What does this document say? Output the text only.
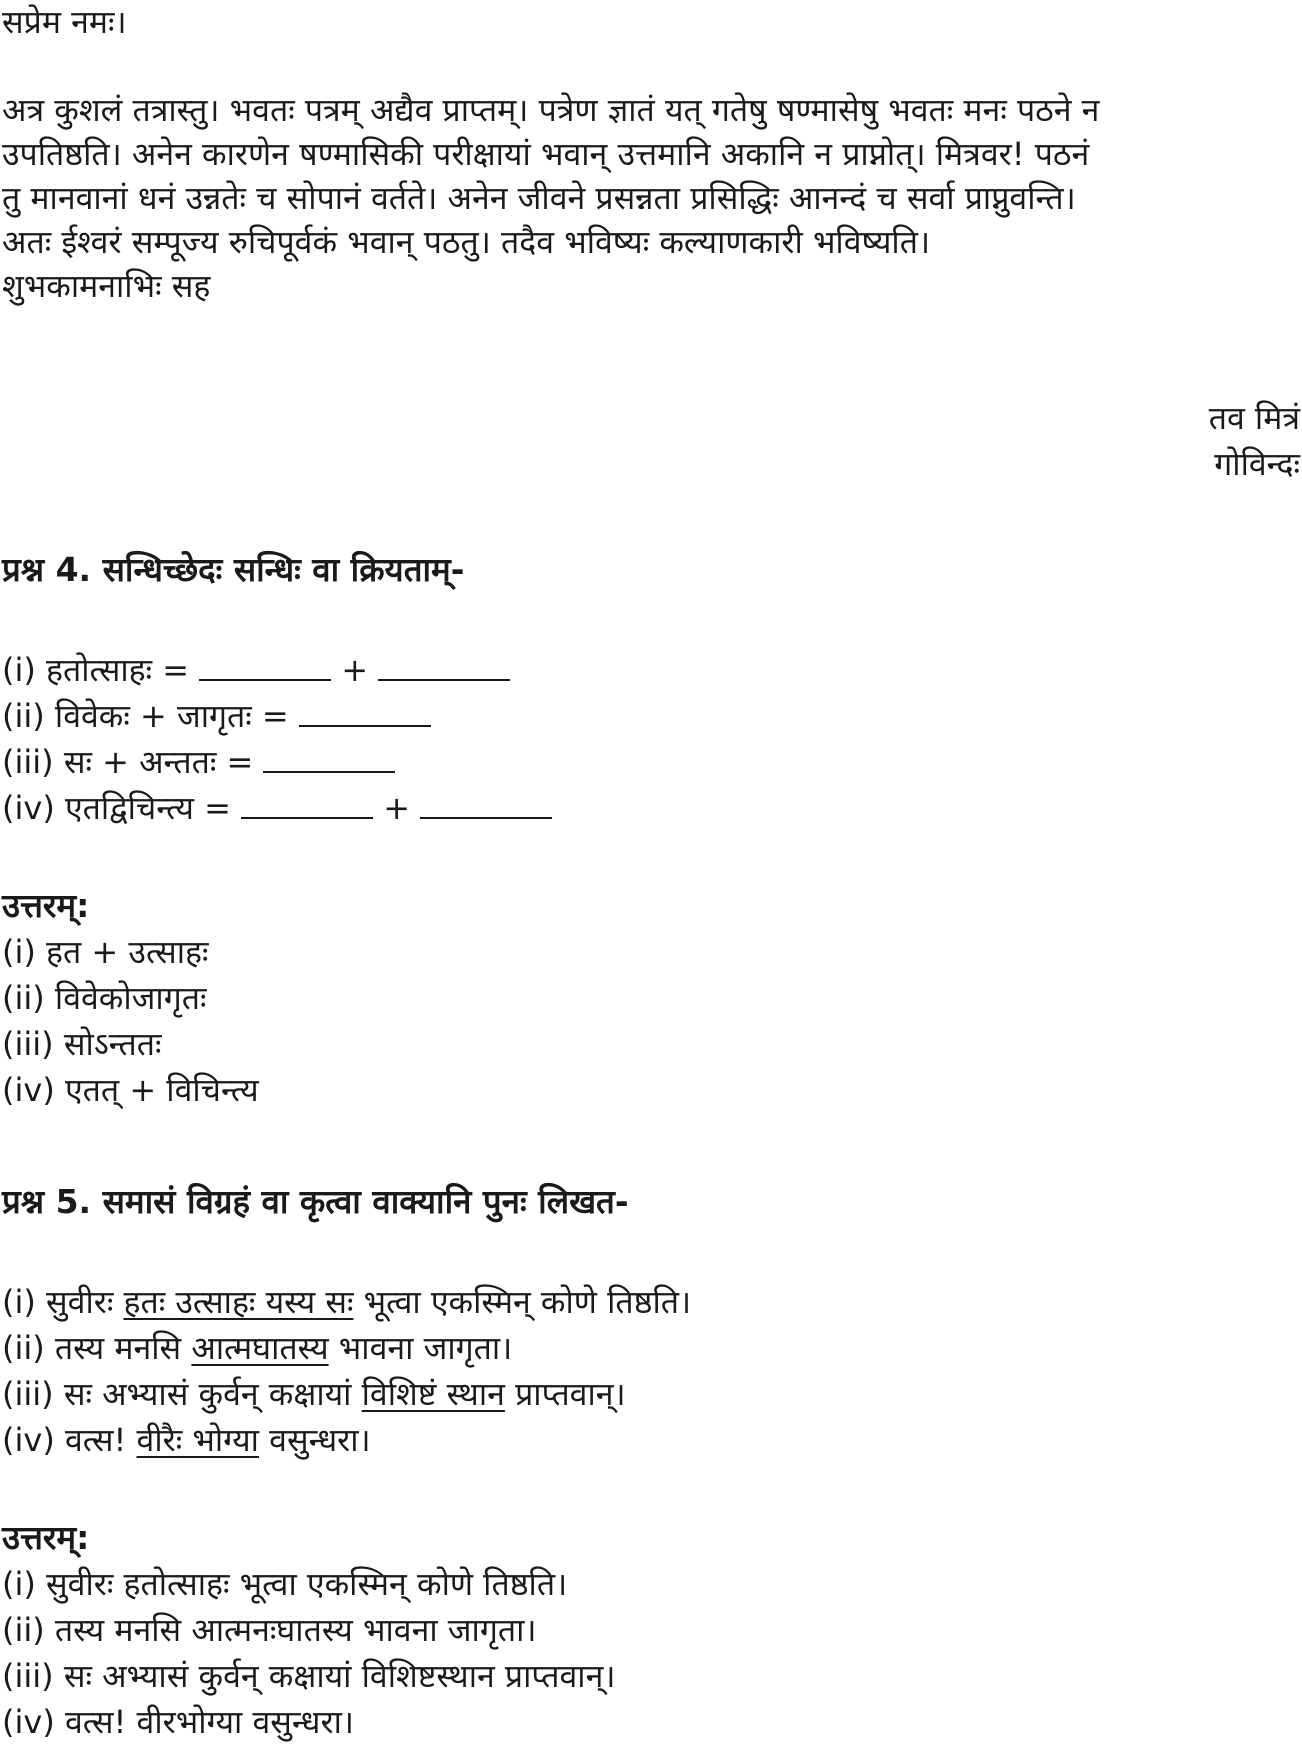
सप्रेम नमः।
अत्र कुशलं तत्रास्तु। भवतः पत्रम् अद्यैव प्राप्तम्। पत्रेण ज्ञातं यत् गतेषु षण्मासेषु भवतः मनः पठने न
उपतिष्ठति। अनेन कारणेन षण्मासिकी परीक्षायां भवान् उत्तमानि अकानि न प्राप्नोत्। मित्रवर! पठनं
तु मानवानां धनं उन्नतेः च सोपानं वर्तते। अनेन जीवने प्रसन्नता प्रसिद्धिः आनन्दं च सर्वा प्राप्नुवन्ति।
अतः ईश्वरं सम्पूज्य रुचिपूर्वकं भवान् पठतु। तदैव भविष्यः कल्याणकारी भविष्यति।
शुभकामनाभिः सह
तव मित्रं
गोविन्दः
प्रश्न 4. सन्धिच्छेदः सन्धिः वा क्रियताम्-
(i) हतोत्साहः =	+
(ii) विवेकः + जागृतः =
(iii) सः + अन्ततः =
(iv) एतद्विचिन्त्य =	+
उत्तरम्:
(i) हत + उत्साहः
(ii) विवेकोजागृतः
(iii) सोऽन्ततः
(iv) एतत् + विचिन्त्य
प्रश्न 5. समासं विग्रहं वा कृत्वा वाक्यानि पुनः लिखत-
(i) सुवीरः हतः उत्साहः यस्य सः भूत्वा एकस्मिन् कोणे तिष्ठति।
(ii) तस्य मनसि आत्मघातस्य भावना जागृता।
(iii) सः अभ्यासं कुर्वन् कक्षायां विशिष्टं स्थान प्राप्तवान्।
(iv) वत्स! वीरैः भोग्या वसुन्धरा।
उत्तरम्:
(i) सुवीरः हतोत्साहः भूत्वा एकस्मिन् कोणे तिष्ठति।
(ii) तस्य मनसि आत्मनःघातस्य भावना जागृता।
(iii) सः अभ्यासं कुर्वन् कक्षायां विशिष्टस्थान प्राप्तवान्।
(iv) वत्स! वीरभोग्या वसुन्धरा।
